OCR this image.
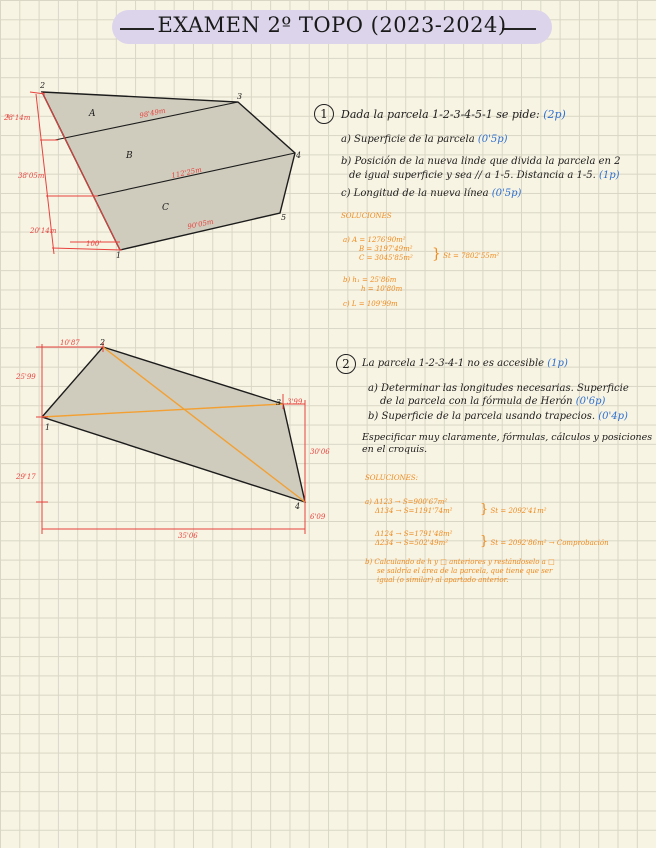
EXAMEN 2º TOPO (2023-2024)
98'49m
112'25m
90'05m
100'
28'14m
38'05m
20'14m
1
2
3
4
5
A
B
C
1	Dada la parcela 1-2-3-4-5-1 se pide: (2p)
a) Superficie de la parcela (0'5p)
b) Posición de la nueva linde que divida la parcela en 2
de igual superficie y sea // a 1-5. Distancia a 1-5. (1p)
c) Longitud de la nueva línea (0'5p)
SOLUCIONES
a) A = 1276'90m²
B = 3197'49m²
C = 3045'85m² } St = 7802'55m²
b) h₁ = 25'86m
h = 10'80m
c) L = 109'99m
10'87
25'99
29'17
35'06
3'99
30'06
6'09
1
2
3
4
2	La parcela 1-2-3-4-1 no es accesible (1p)
a) Determinar las longitudes necesarias. Superficie
de la parcela con la fórmula de Herón (0'6p)
b) Superficie de la parcela usando trapecios. (0'4p)
Especificar muy claramente, fórmulas, cálculos y posiciones
en el croquis.
SOLUCIONES:
a) Δ123 → S=900'67m²
Δ134 → S=1191'74m² } St = 2092'41m²
Δ124 → S=1791'48m²
Δ234 → S=502'49m²	} St = 2092'86m² → Comprobación
b) Calculando de h y □ anteriores y restándoselo a □
se saldría el área de la parcela, que tiene que ser
igual (o similar) al apartado anterior.
